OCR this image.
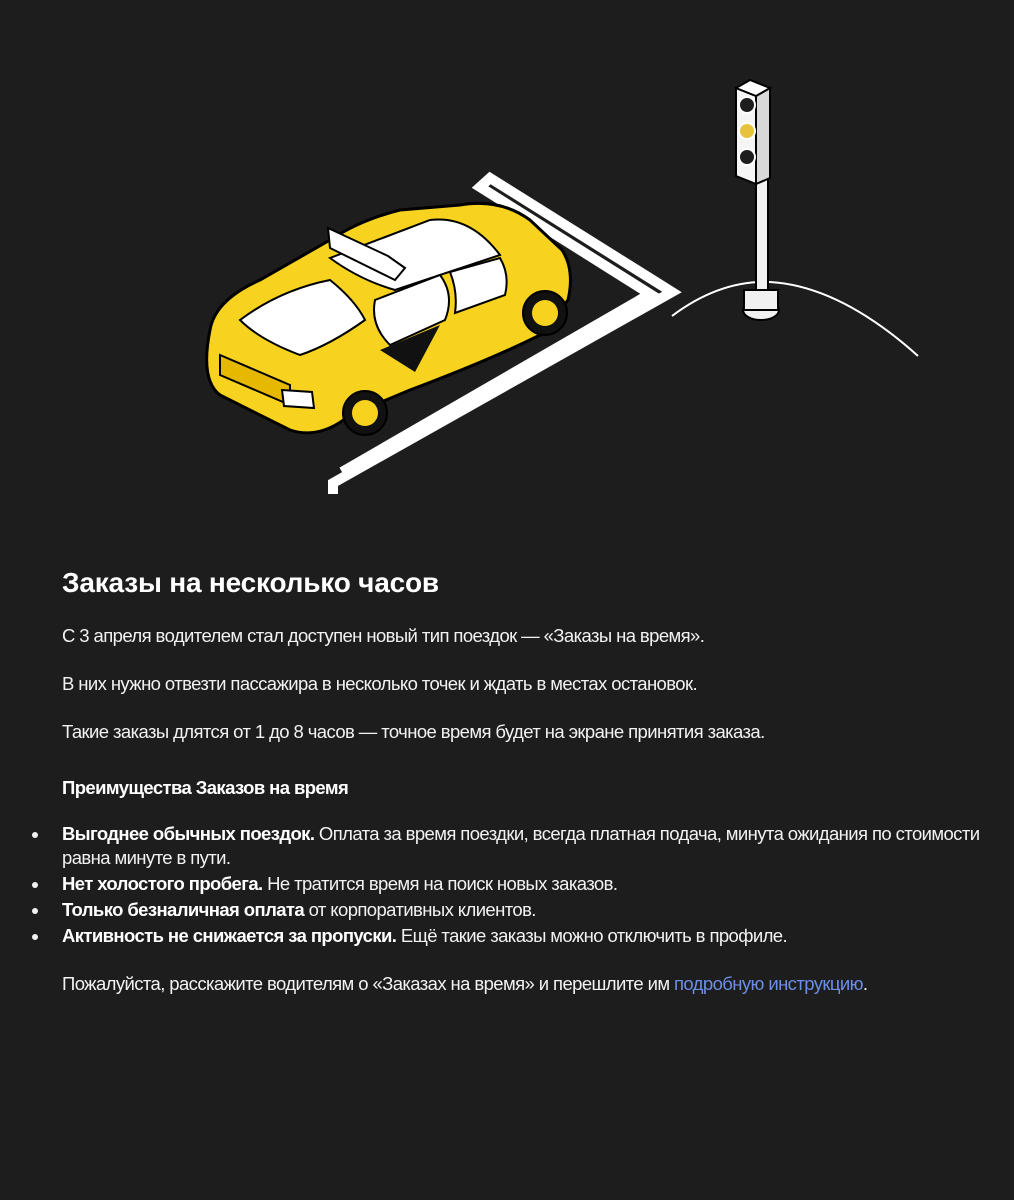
Заказы на несколько часов

С 3 апреля водителем стал доступен новый тип поездок — «Заказы на время».

В них нужно отвезти пассажира в несколько точек и ждать в местах остановок.

Такие заказы длятся от 1 до 8 часов — точное время будет на экране принятия заказа.

Преимущества Заказов на время
Выгоднее обычных поездок. Оплата за время поездки, всегда платная подача, минута ожидания по стоимости равна минуте в пути.
Нет холостого пробега. Не тратится время на поиск новых заказов.
Только безналичная оплата от корпоративных клиентов.
Активность не снижается за пропуски. Ещё такие заказы можно отключить в профиле.

Пожалуйста, расскажите водителям о «Заказах на время» и перешлите им подробную инструкцию.
